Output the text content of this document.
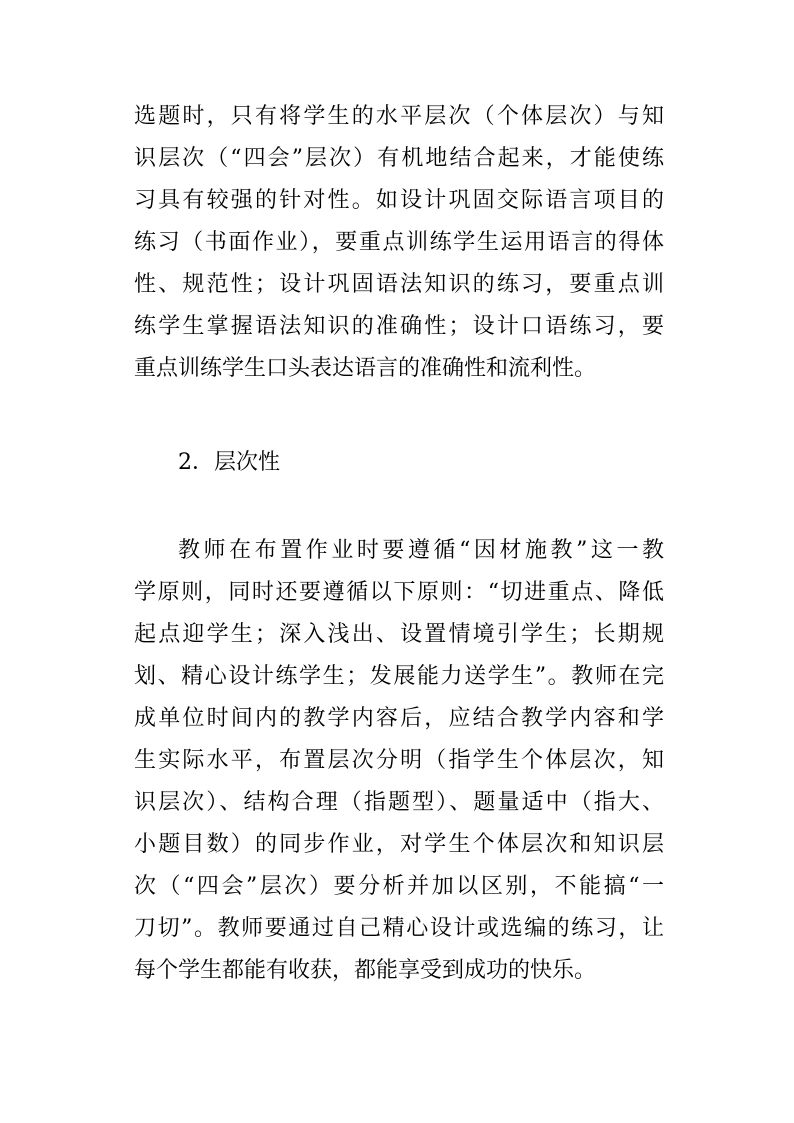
选题时，只有将学生的水平层次（个体层次）与知
识层次（“四会”层次）有机地结合起来，才能使练
习具有较强的针对性。如设计巩固交际语言项目的
练习（书面作业），要重点训练学生运用语言的得体
性、规范性；设计巩固语法知识的练习，要重点训
练学生掌握语法知识的准确性；设计口语练习，要
重点训练学生口头表达语言的准确性和流利性。
2．层次性
教师在布置作业时要遵循“因材施教”这一教
学原则，同时还要遵循以下原则：“切进重点、降低
起点迎学生；深入浅出、设置情境引学生；长期规
划、精心设计练学生；发展能力送学生”。教师在完
成单位时间内的教学内容后，应结合教学内容和学
生实际水平，布置层次分明（指学生个体层次，知
识层次）、结构合理（指题型）、题量适中（指大、
小题目数）的同步作业，对学生个体层次和知识层
次（“四会”层次）要分析并加以区别，不能搞“一
刀切”。教师要通过自己精心设计或选编的练习，让
每个学生都能有收获，都能享受到成功的快乐。
